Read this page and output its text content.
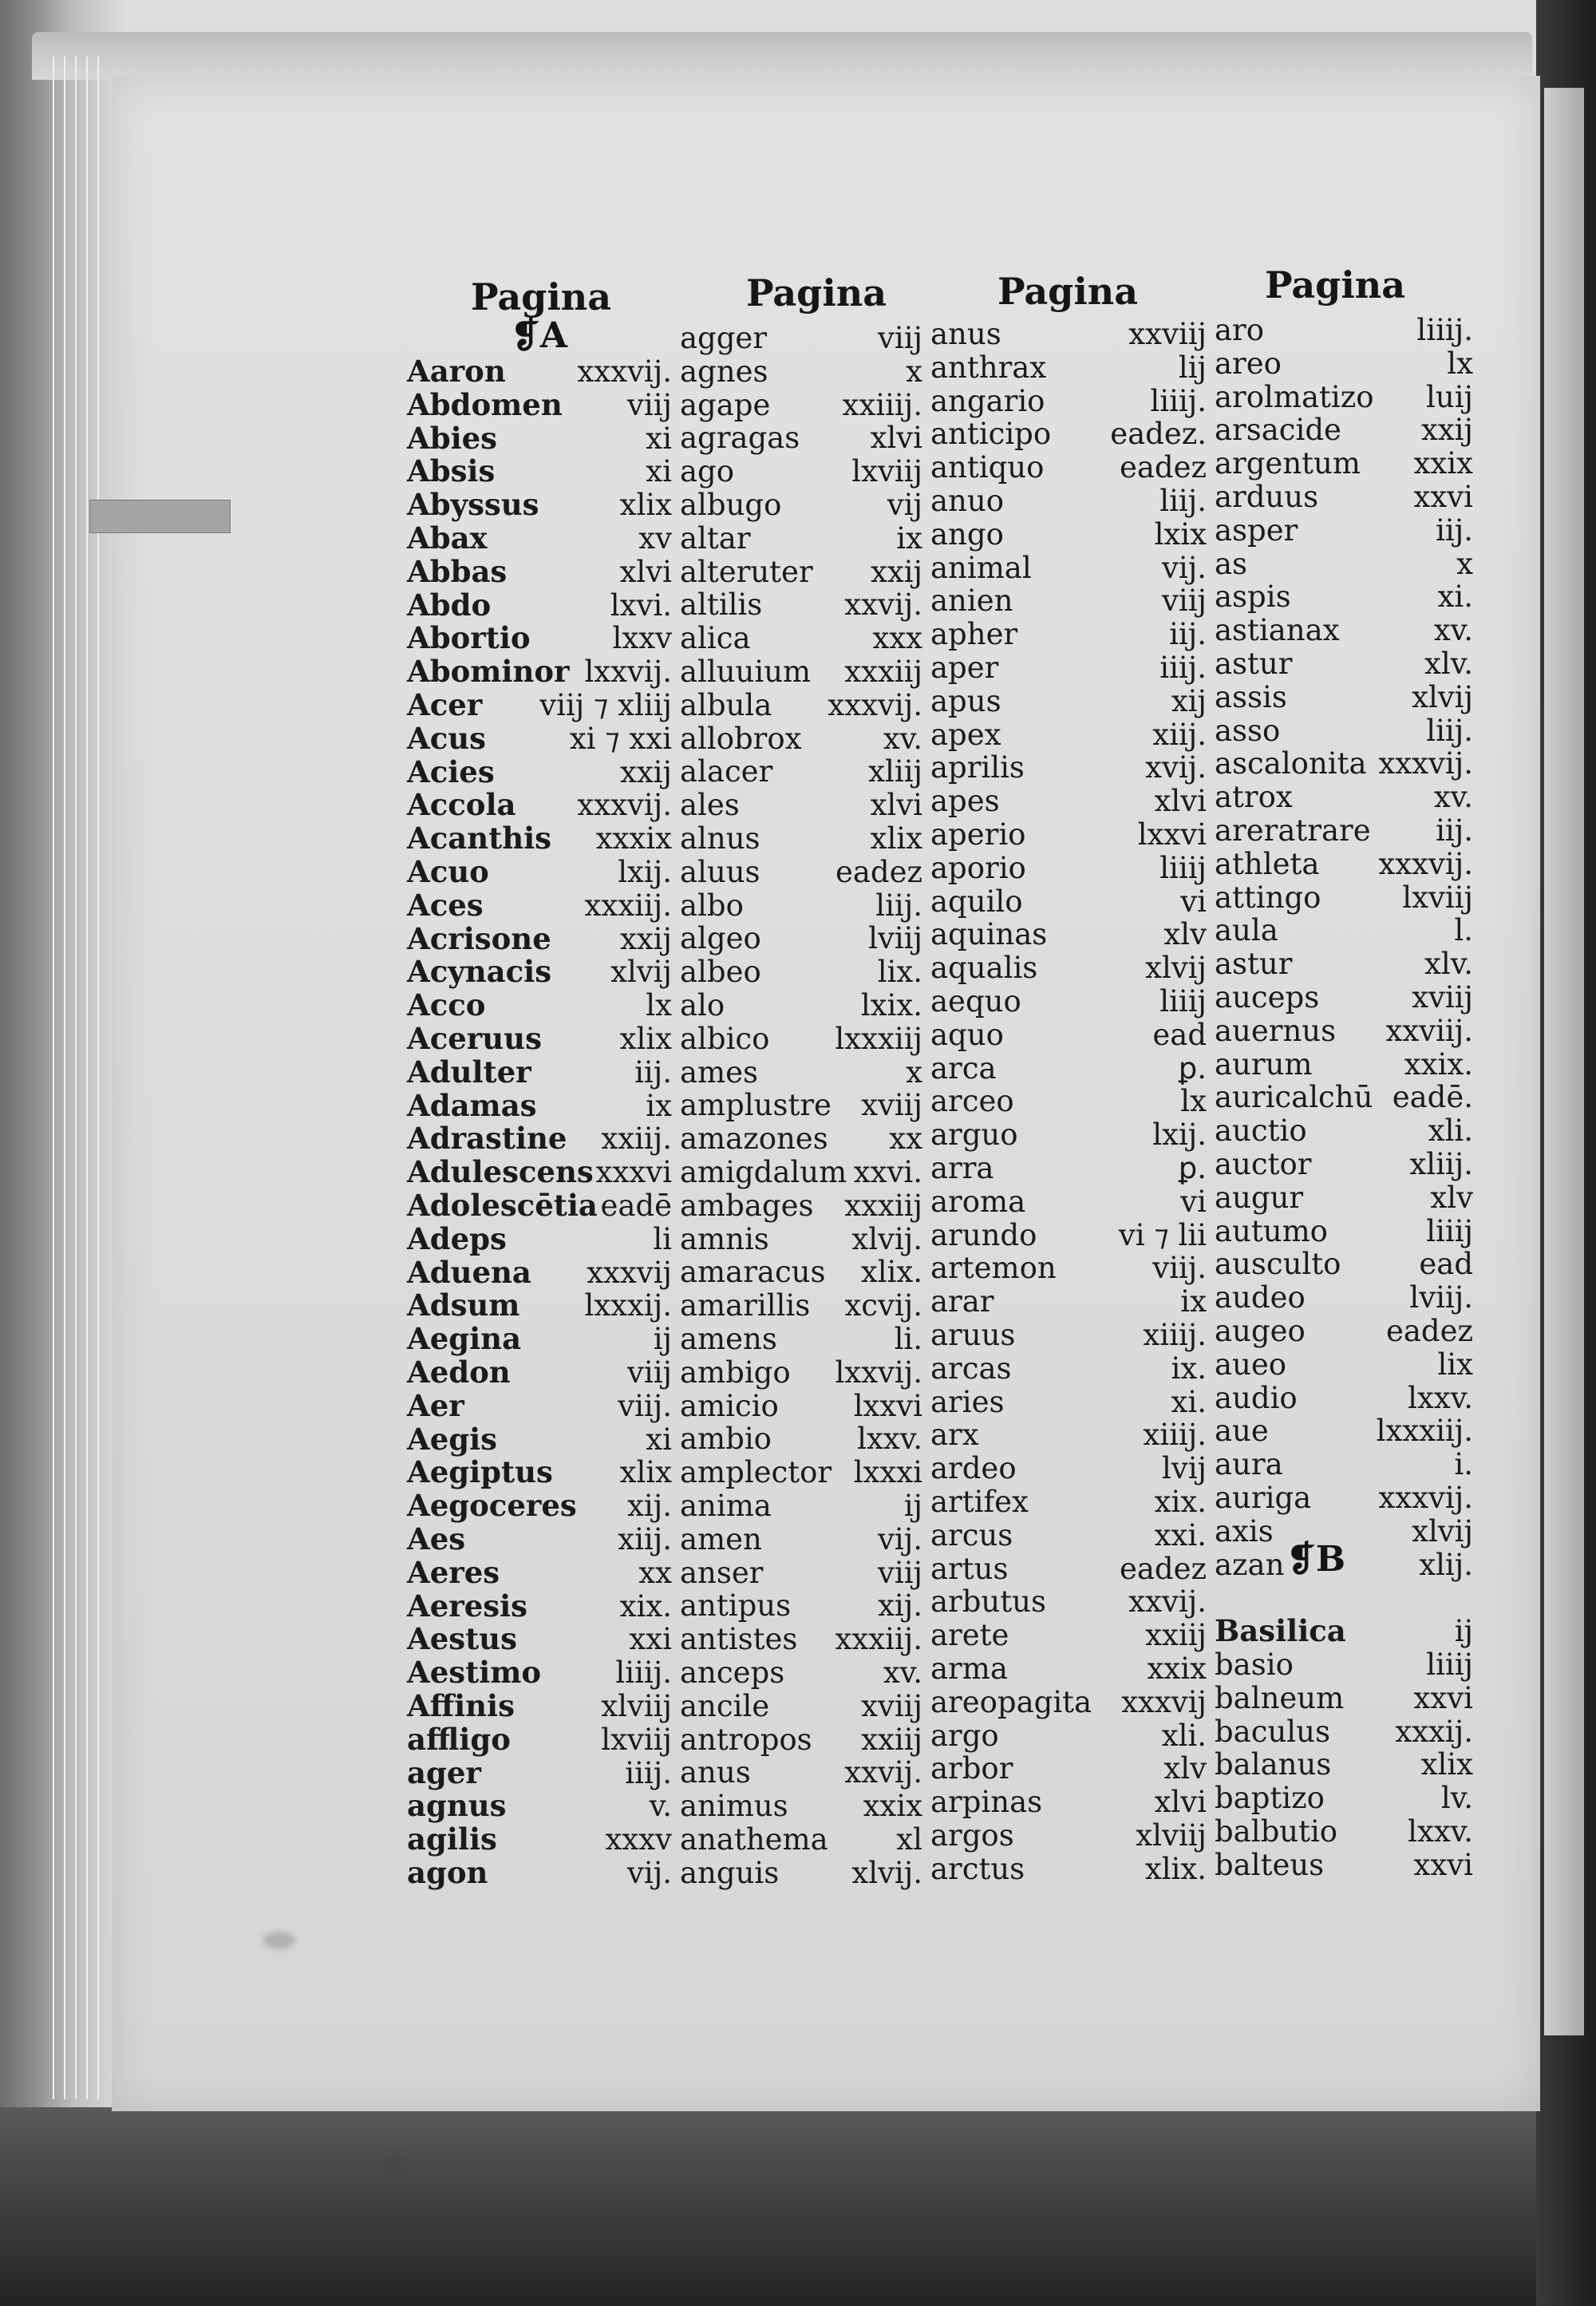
Pagina	Pagina	Pagina	Pagina
❡A
❡B
Aaron	xxxvij.
Abdomen	viij
Abies	xi
Absis	xi
Abyssus	xlix
Abax	xv
Abbas	xlvi
Abdo	lxvi.
Abortio	lxxv
Abominor lxxvij.
Acer	viij ⁊ xliij
Acus	xi ⁊ xxi
Acies	xxij
Accola	xxxvij.
Acanthis	xxxix
Acuo	lxij.
Aces	xxxiij.
Acrisone	xxij
Acynacis	xlvij
Acco	lx
Aceruus	xlix
Adulter	iij.
Adamas	ix
Adrastine	xxiij.
Adulescens xxxvi
Adolescētia eadē
Adeps	li
Aduena	xxxvij
Adsum	lxxxij.
Aegina	ij
Aedon	viij
Aer	viij.
Aegis	xi
Aegiptus	xlix
Aegoceres	xij.
Aes	xiij.
Aeres	xx
Aeresis	xix.
Aestus	xxi
Aestimo	liiij.
Affinis	xlviij
affligo	lxviij
ager	iiij.
agnus	v.
agilis	xxxv
agon	vij.
agger	viij
agnes	x
agape	xxiiij.
agragas	xlvi
ago	lxviij
albugo	vij
altar	ix
alteruter	xxij
altilis	xxvij.
alica	xxx
alluuium	xxxiij
albula	xxxvij.
allobrox	xv.
alacer	xliij
ales	xlvi
alnus	xlix
aluus	eadez
albo	liij.
algeo	lviij
albeo	lix.
alo	lxix.
albico	lxxxiij
ames	x
amplustre	xviij
amazones	xx
amigdalum xxvi.
ambages	xxxiij
amnis	xlvij.
amaracus	xlix.
amarillis	xcvij.
amens	li.
ambigo	lxxvij.
amicio	lxxvi
ambio	lxxv.
amplector lxxxi
anima	ij
amen	vij.
anser	viij
antipus	xij.
antistes	xxxiij.
anceps	xv.
ancile	xviij
antropos	xxiij
anus	xxvij.
animus	xxix
anathema	xl
anguis	xlvij.
anus	xxviij
anthrax	lij
angario	liiij.
anticipo	eadez.
antiquo	eadez
anuo	liij.
ango	lxix
animal	vij.
anien	viij
apher	iij.
aper	iiij.
apus	xij
apex	xiij.
aprilis	xvij.
apes	xlvi
aperio	lxxvi
aporio	liiij
aquilo	vi
aquinas	xlv
aqualis	xlvij
aequo	liiij
aquo	ead
arca	ꝑ.
arceo	lx
arguo	lxij.
arra	ꝑ.
aroma	vi
arundo	vi ⁊ lii
artemon	viij.
arar	ix
aruus	xiiij.
arcas	ix.
aries	xi.
arx	xiiij.
ardeo	lvij
artifex	xix.
arcus	xxi.
artus	eadez
arbutus	xxvij.
arete	xxiij
arma	xxix
areopagita	xxxvij
argo	xli.
arbor	xlv
arpinas	xlvi
argos	xlviij
arctus	xlix.
aro	liiij.
areo	lx
arolmatizo	luij
arsacide	xxij
argentum	xxix
arduus	xxvi
asper	iij.
as	x
aspis	xi.
astianax	xv.
astur	xlv.
assis	xlvij
asso	liij.
ascalonita xxxvij.
atrox	xv.
areratrare	iij.
athleta	xxxvij.
attingo	lxviij
aula	l.
astur	xlv.
auceps	xviij
auernus	xxviij.
aurum	xxix.
auricalchū eadē.
auctio	xli.
auctor	xliij.
augur	xlv
autumo	liiij
ausculto	ead
audeo	lviij.
augeo	eadez
aueo	lix
audio	lxxv.
aue	lxxxiij.
aura	i.
auriga	xxxvij.
axis	xlvij
azan	xlij.
Basilica	ij
basio	liiij
balneum	xxvi
baculus	xxxij.
balanus	xlix
baptizo	lv.
balbutio	lxxv.
balteus	xxvi
